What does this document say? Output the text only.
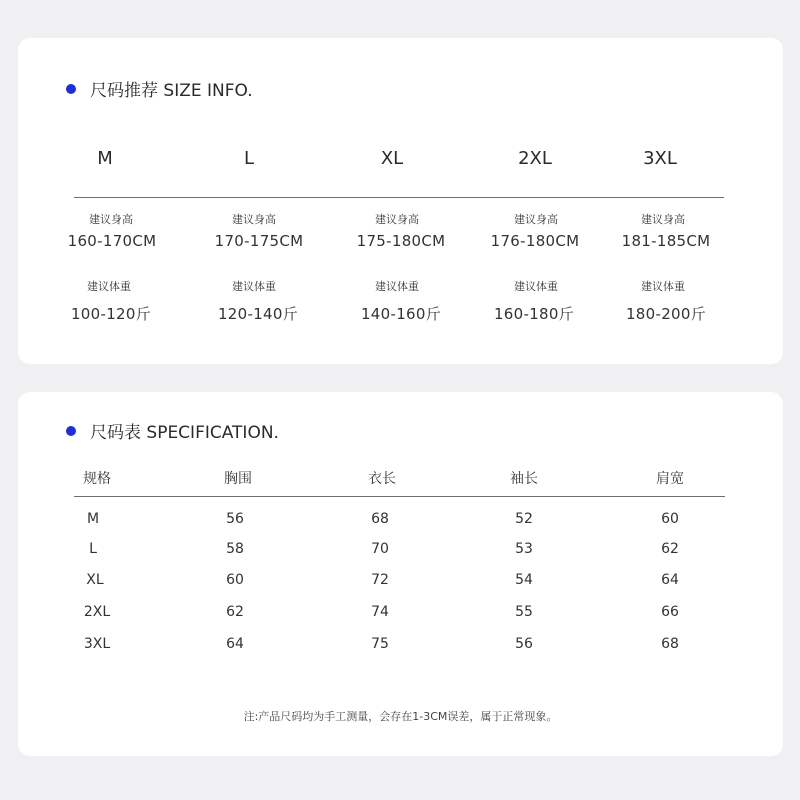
尺码推荐 SIZE INFO.
M	L	XL	2XL	3XL
建议身高	建议身高	建议身高	建议身高	建议身高
160-170CM	170-175CM	175-180CM	176-180CM	181-185CM
建议体重	建议体重	建议体重	建议体重	建议体重
100-120斤	120-140斤	140-160斤	160-180斤	180-200斤
尺码表 SPECIFICATION.
规格	胸围	衣长	袖长	肩宽
M	56	68	52	60
L	58	70	53	62
XL	60	72	54	64
2XL	62	74	55	66
3XL	64	75	56	68
注:产品尺码均为手工测量，会存在1-3CM误差，属于正常现象。
